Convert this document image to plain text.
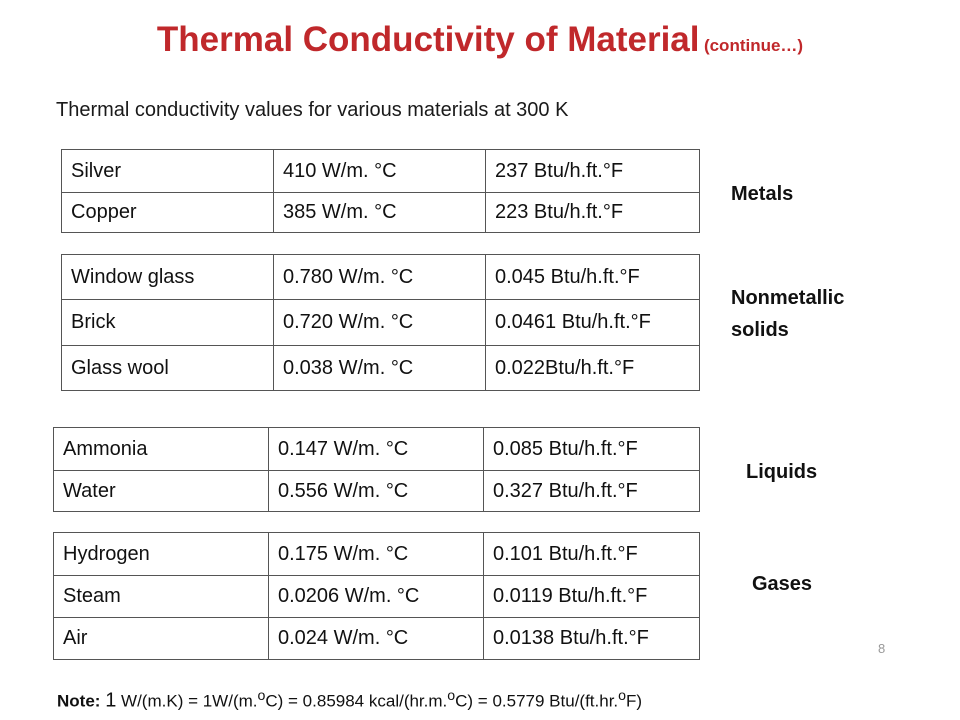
Thermal Conductivity of Material (continue…)
Thermal conductivity values for various materials at 300 K
Silver	410 W/m. °C	237 Btu/h.ft.°F
Copper	385 W/m. °C	223 Btu/h.ft.°F
Metals
Window glass	0.780 W/m. °C	0.045 Btu/h.ft.°F
Brick	0.720 W/m. °C	0.0461 Btu/h.ft.°F
Glass wool	0.038 W/m. °C	0.022Btu/h.ft.°F
Nonmetallic
solids
Ammonia	0.147 W/m. °C	0.085 Btu/h.ft.°F
Water	0.556 W/m. °C	0.327 Btu/h.ft.°F
Liquids
Hydrogen	0.175 W/m. °C	0.101 Btu/h.ft.°F
Steam	0.0206 W/m. °C	0.0119 Btu/h.ft.°F
Air	0.024 W/m. °C	0.0138 Btu/h.ft.°F
Gases
8
Note: 1 W/(m.K) = 1W/(m.$^o$C) = 0.85984 kcal/(hr.m.$^o$C) = 0.5779 Btu/(ft.hr.$^o$F)
